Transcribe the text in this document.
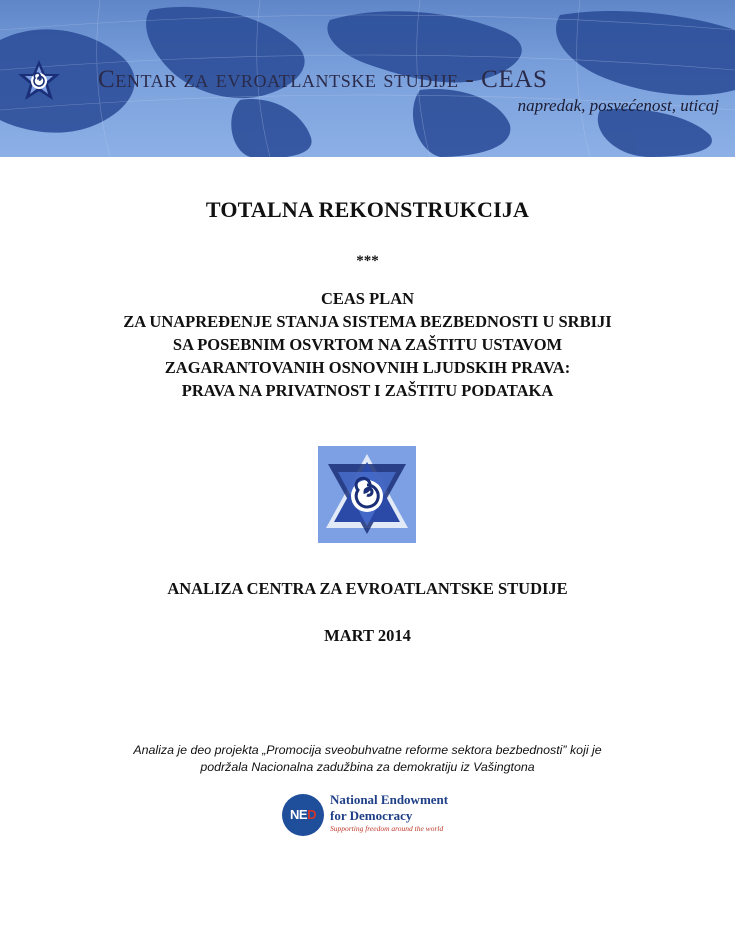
Centar za evroatlantske studije - CEAS
napredak, posvećenost, uticaj
TOTALNA REKONSTRUKCIJA
***
CEAS PLAN
ZA UNAPREĐENJE STANJA SISTEMA BEZBEDNOSTI U SRBIJI
SA POSEBNIM OSVRTOM NA ZAŠTITU USTAVOM
ZAGARANTOVANIH OSNOVNIH LJUDSKIH PRAVA:
PRAVA NA PRIVATNOST I ZAŠTITU PODATAKA
ANALIZA CENTRA ZA EVROATLANTSKE STUDIJE
MART 2014
Analiza je deo projekta „Promocija sveobuhvatne reforme sektora bezbednosti” koji je
podržala Nacionalna zadužbina za demokratiju iz Vašingtona
NED
National Endowment
for Democracy
Supporting freedom around the world
